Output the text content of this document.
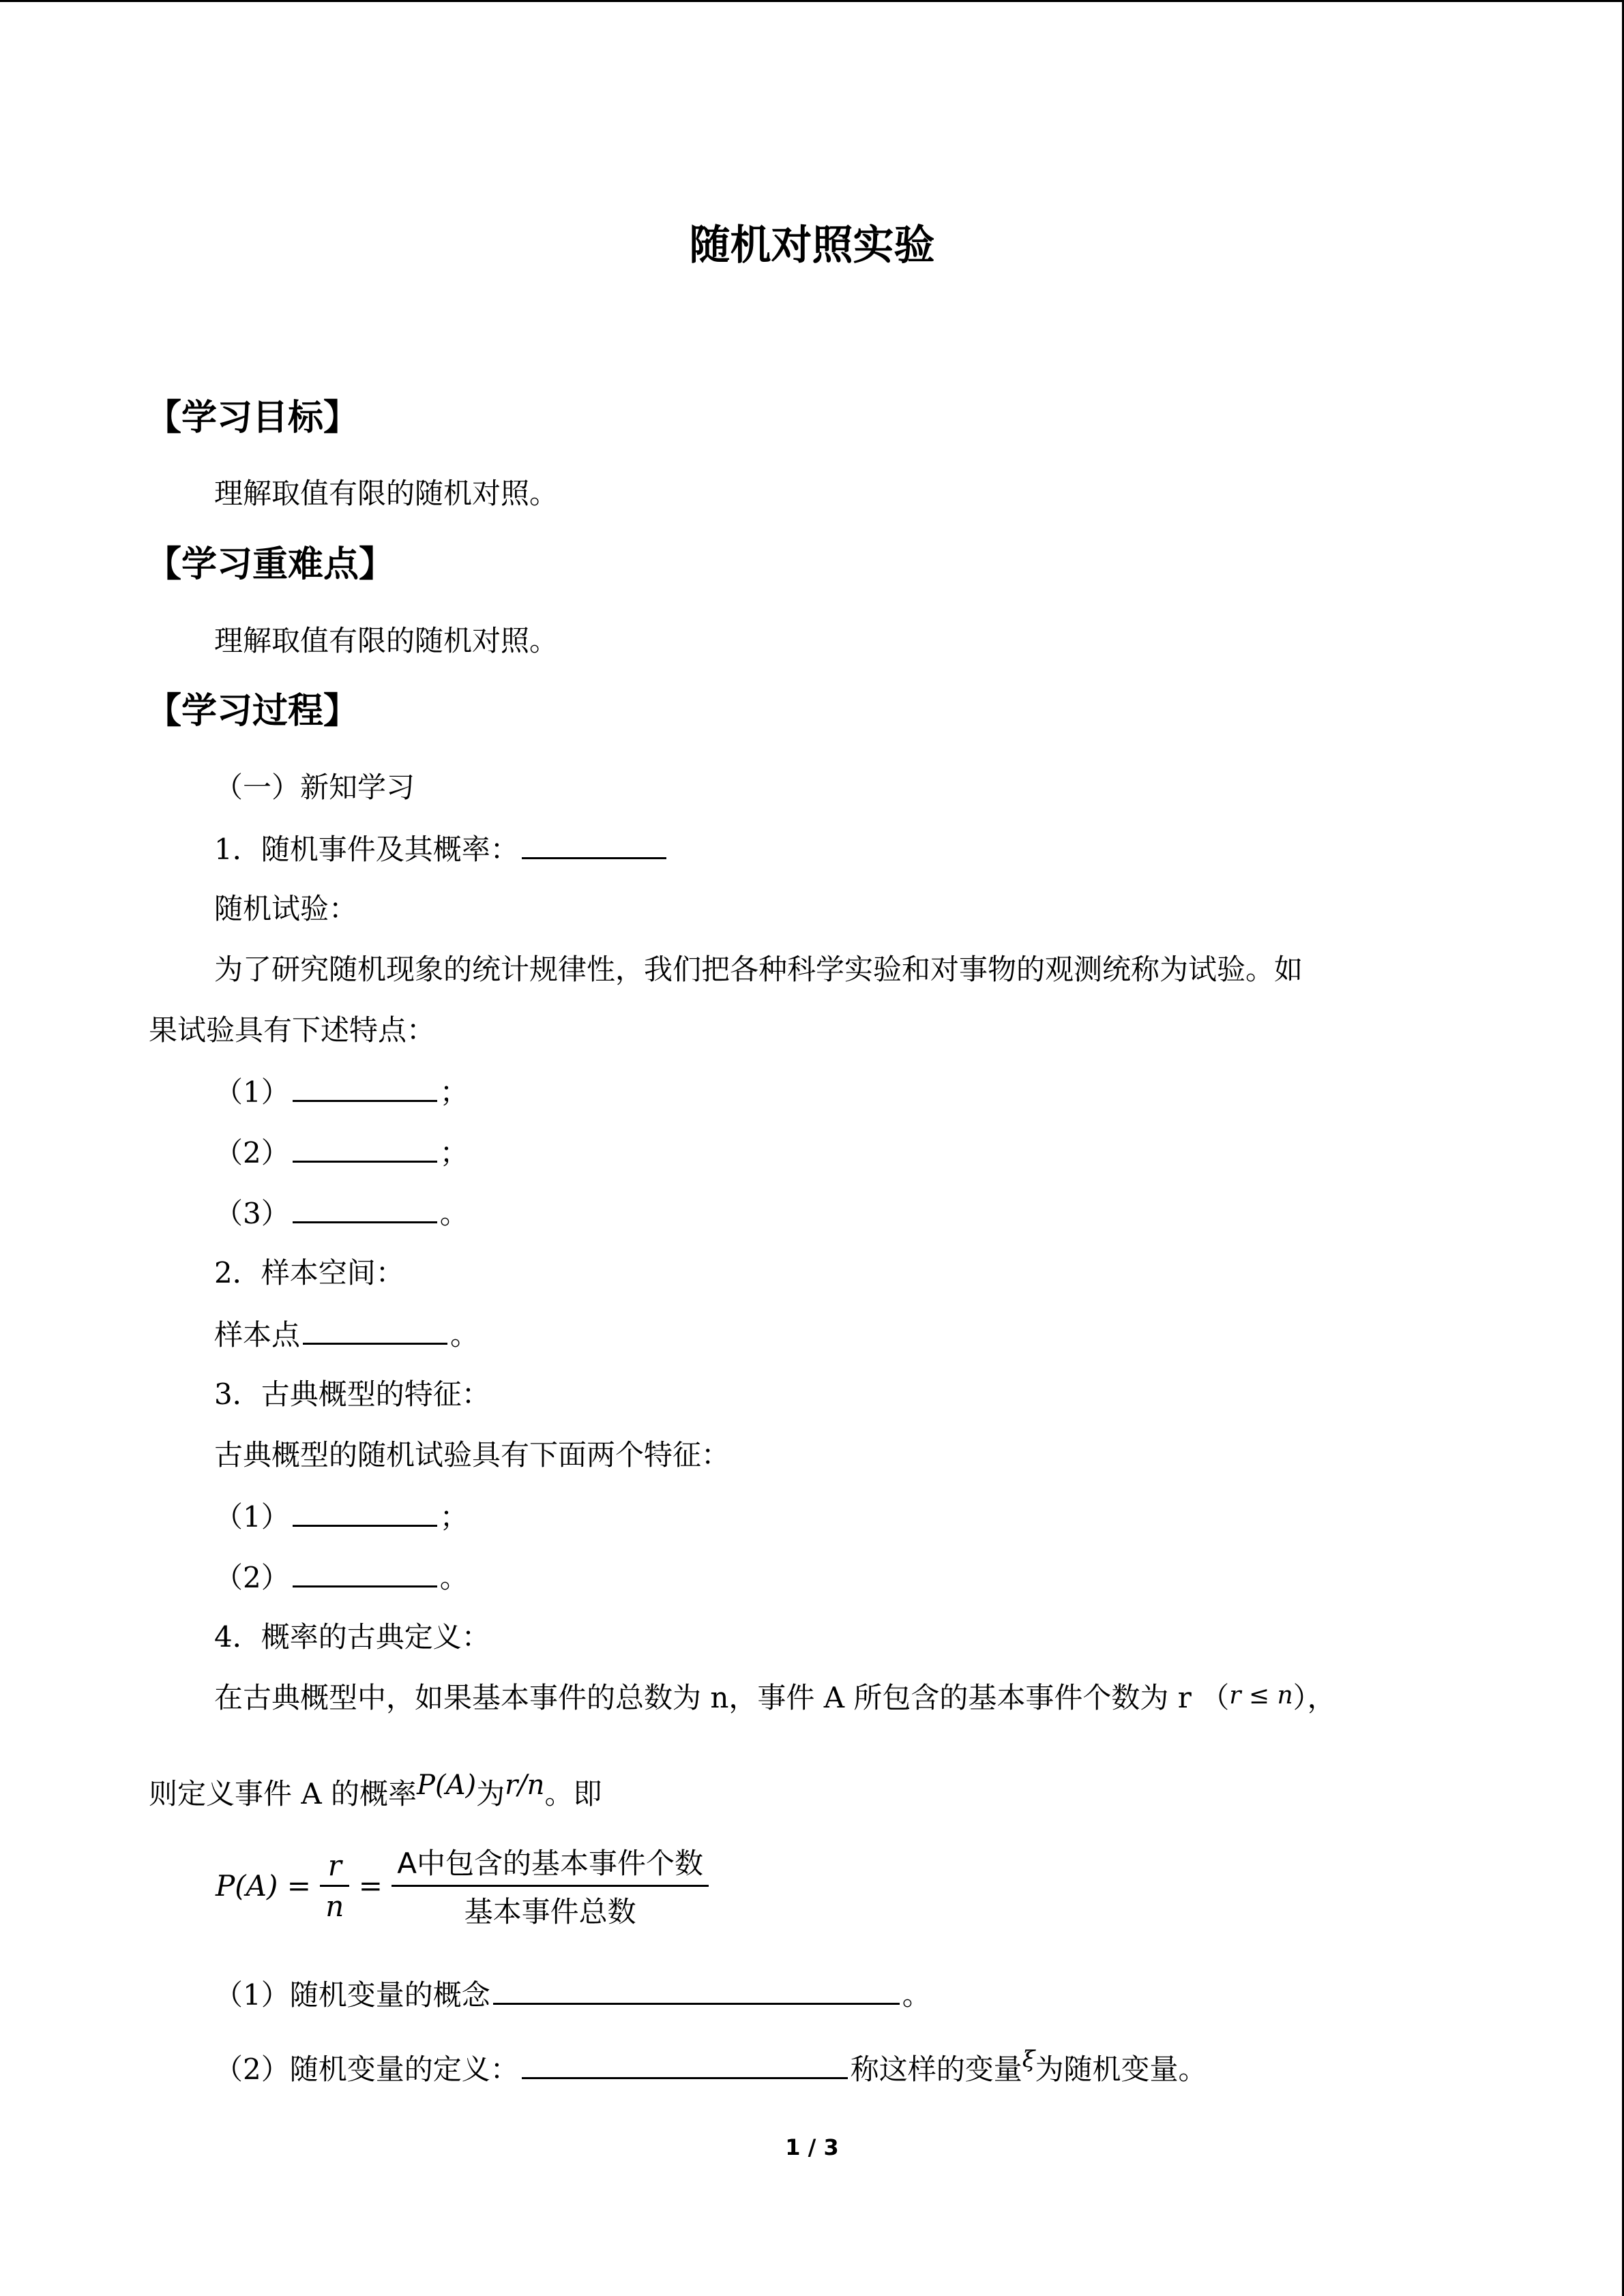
随机对照实验
【学习目标】
理解取值有限的随机对照。
【学习重难点】
理解取值有限的随机对照。
【学习过程】
（一）新知学习
1．随机事件及其概率：
随机试验：
为了研究随机现象的统计规律性，我们把各种科学实验和对事物的观测统称为试验。如
果试验具有下述特点：
（1）	；
（2）	；
（3）	。
2．样本空间：
样本点	。
3．古典概型的特征：
古典概型的随机试验具有下面两个特征：
（1）	；
（2）	。
4．概率的古典定义：
在古典概型中，如果基本事件的总数为 n，事件 A 所包含的基本事件个数为 r （r ≤ n），
则定义事件 A 的概率P(A)为r/n。即
$P(A) = \frac{r}{n} = \frac{\text{A中包含的基本事件个数}}{\text{基本事件总数}}$
（1）随机变量的概念	。
（2）随机变量的定义：	称这样的变量$^\xi$为随机变量。
1 / 3
